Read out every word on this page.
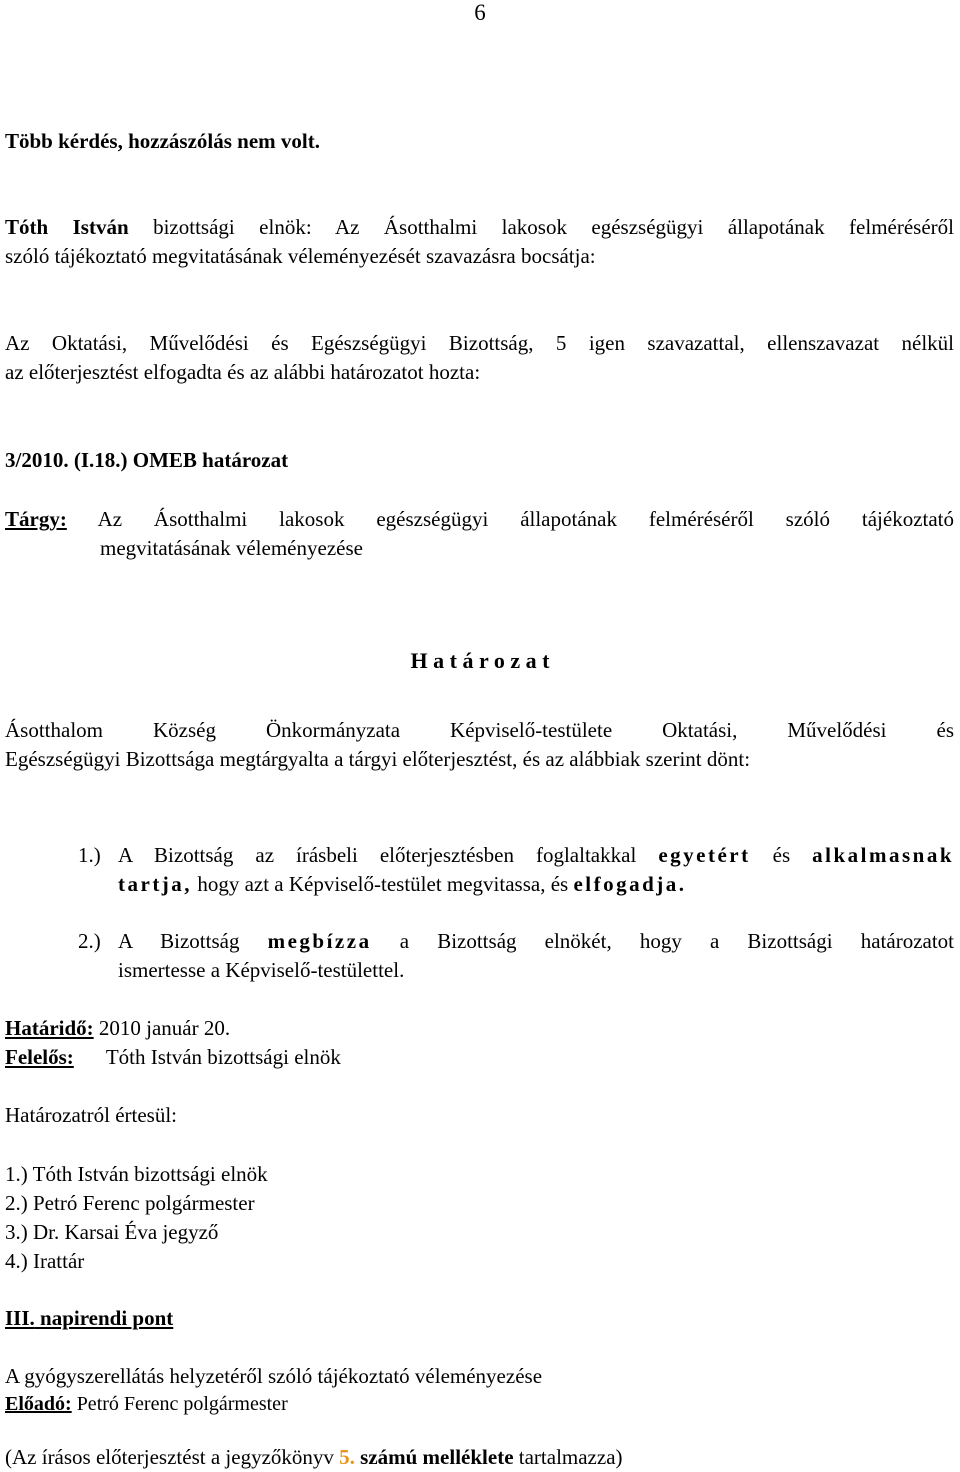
6
Több kérdés, hozzászólás nem volt.
Tóth István bizottsági elnök: Az Ásotthalmi lakosok egészségügyi állapotának felméréséről
szóló tájékoztató megvitatásának véleményezését szavazásra bocsátja:
Az Oktatási, Művelődési és Egészségügyi Bizottság, 5 igen szavazattal, ellenszavazat nélkül
az előterjesztést elfogadta és az alábbi határozatot hozta:
3/2010. (I.18.) OMEB határozat
Tárgy: Az Ásotthalmi lakosok egészségügyi állapotának felméréséről szóló tájékoztató
megvitatásának véleményezése
H a t á r o z a t
Ásotthalom Község Önkormányzata Képviselő-testülete Oktatási, Művelődési és
Egészségügyi Bizottsága megtárgyalta a tárgyi előterjesztést, és az alábbiak szerint dönt:
1.) A Bizottság az írásbeli előterjesztésben foglaltakkal egyetért és alkalmasnak
tartja, hogy azt a Képviselő-testület megvitassa, és elfogadja.
2.) A Bizottság megbízza a Bizottság elnökét, hogy a Bizottsági határozatot
ismertesse a Képviselő-testülettel.
Határidő: 2010 január 20.
Felelős: Tóth István bizottsági elnök
Határozatról értesül:
1.) Tóth István bizottsági elnök
2.) Petró Ferenc polgármester
3.) Dr. Karsai Éva jegyző
4.) Irattár
III. napirendi pont
A gyógyszerellátás helyzetéről szóló tájékoztató véleményezése
Előadó: Petró Ferenc polgármester
(Az írásos előterjesztést a jegyzőkönyv 5. számú melléklete tartalmazza)
